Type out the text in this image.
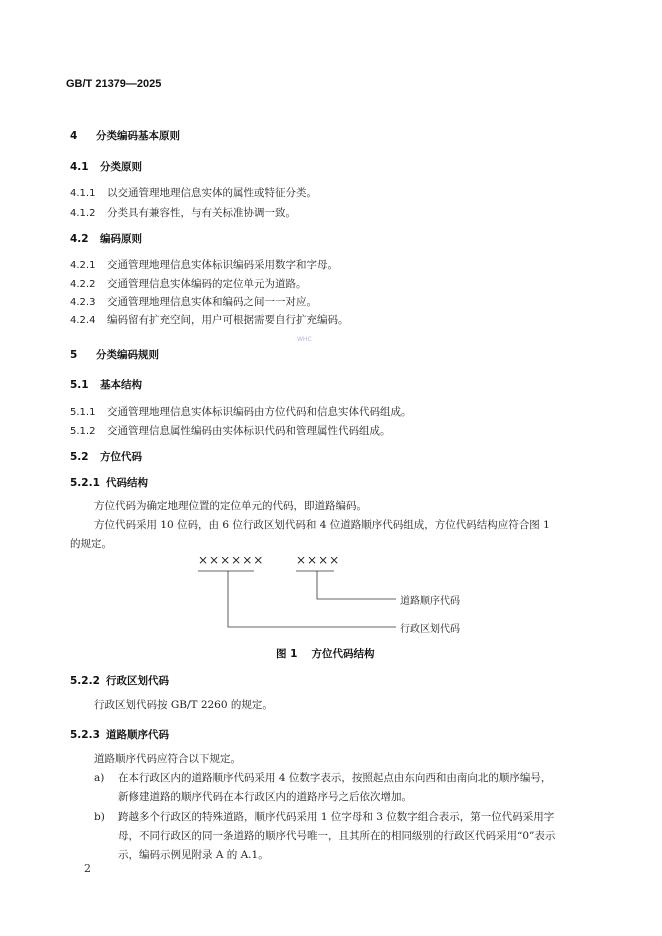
GB/T 21379—2025
4 分类编码基本原则
4.1 分类原则
4.1.1 以交通管理地理信息实体的属性或特征分类。
4.1.2 分类具有兼容性，与有关标准协调一致。
4.2 编码原则
4.2.1 交通管理地理信息实体标识编码采用数字和字母。
4.2.2 交通管理信息实体编码的定位单元为道路。
4.2.3 交通管理地理信息实体和编码之间一一对应。
4.2.4 编码留有扩充空间，用户可根据需要自行扩充编码。
WHC
5 分类编码规则
5.1 基本结构
5.1.1 交通管理地理信息实体标识编码由方位代码和信息实体代码组成。
5.1.2 交通管理信息属性编码由实体标识代码和管理属性代码组成。
5.2 方位代码
5.2.1 代码结构
方位代码为确定地理位置的定位单元的代码，即道路编码。
方位代码采用 10 位码，由 6 位行政区划代码和 4 位道路顺序代码组成，方位代码结构应符合图 1
的规定。
××××××	××××
道路顺序代码
行政区划代码
图 1 方位代码结构
5.2.2 行政区划代码
行政区划代码按 GB/T 2260 的规定。
5.2.3 道路顺序代码
道路顺序代码应符合以下规定。
a) 在本行政区内的道路顺序代码采用 4 位数字表示，按照起点由东向西和由南向北的顺序编号，
新修建道路的顺序代码在本行政区内的道路序号之后依次增加。
b) 跨越多个行政区的特殊道路，顺序代码采用 1 位字母和 3 位数字组合表示，第一位代码采用字
母，不同行政区的同一条道路的顺序代号唯一，且其所在的相同级别的行政区代码采用“0”表示
示，编码示例见附录 A 的 A.1。
2
